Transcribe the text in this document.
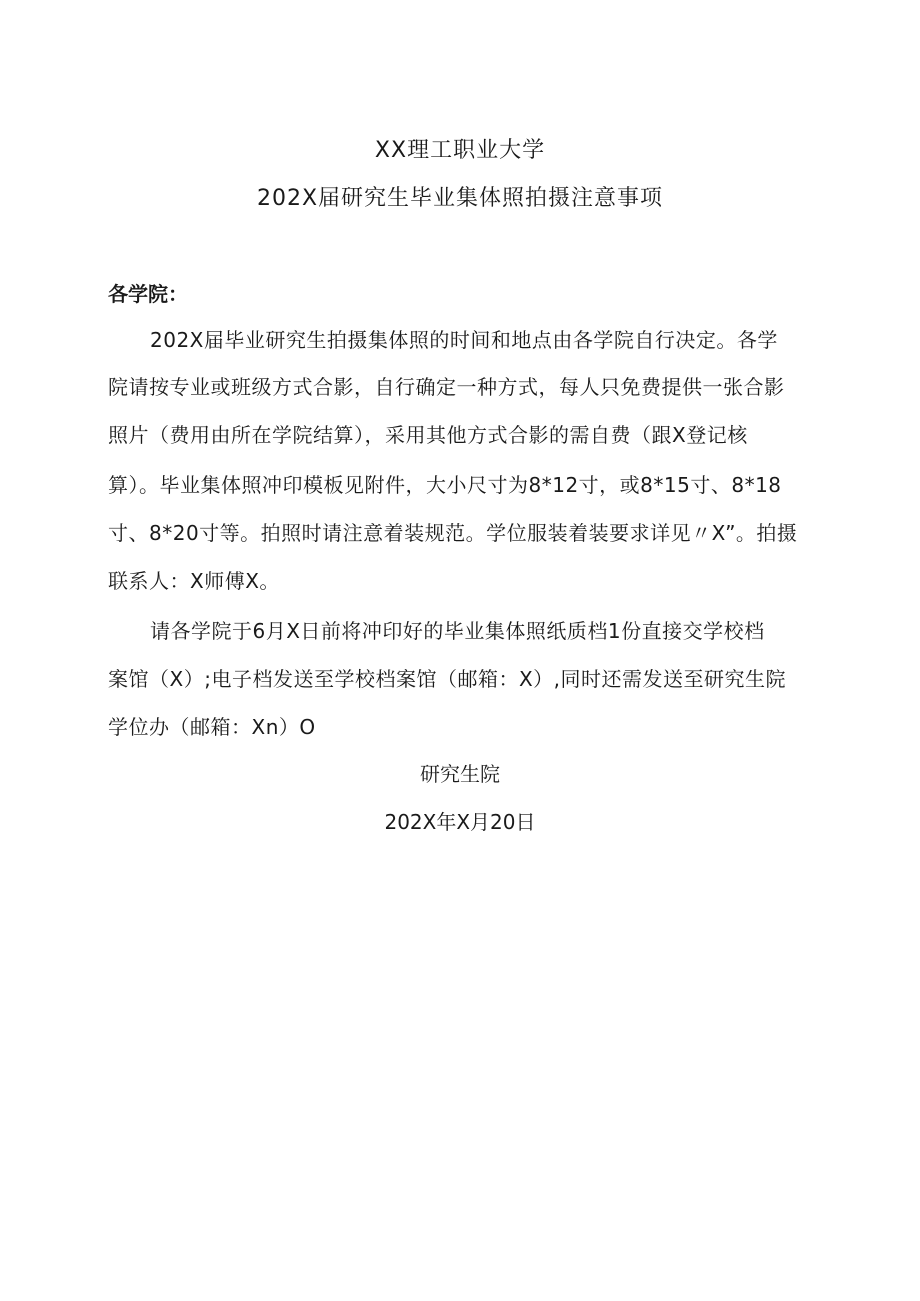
XX理工职业大学
202X届研究生毕业集体照拍摄注意事项
各学院：
202X届毕业研究生拍摄集体照的时间和地点由各学院自行决定。各学
院请按专业或班级方式合影，自行确定一种方式，每人只免费提供一张合影
照片（费用由所在学院结算），采用其他方式合影的需自费（跟X登记核
算）。毕业集体照冲印模板见附件，大小尺寸为8*12寸，或8*15寸、8*18
寸、8*20寸等。拍照时请注意着装规范。学位服装着装要求详见〃X”。拍摄
联系人：X师傅X。
请各学院于6月X日前将冲印好的毕业集体照纸质档1份直接交学校档
案馆（X）;电子档发送至学校档案馆（邮箱：X）,同时还需发送至研究生院
学位办（邮箱：Xn）O
研究生院
202X年X月20日
